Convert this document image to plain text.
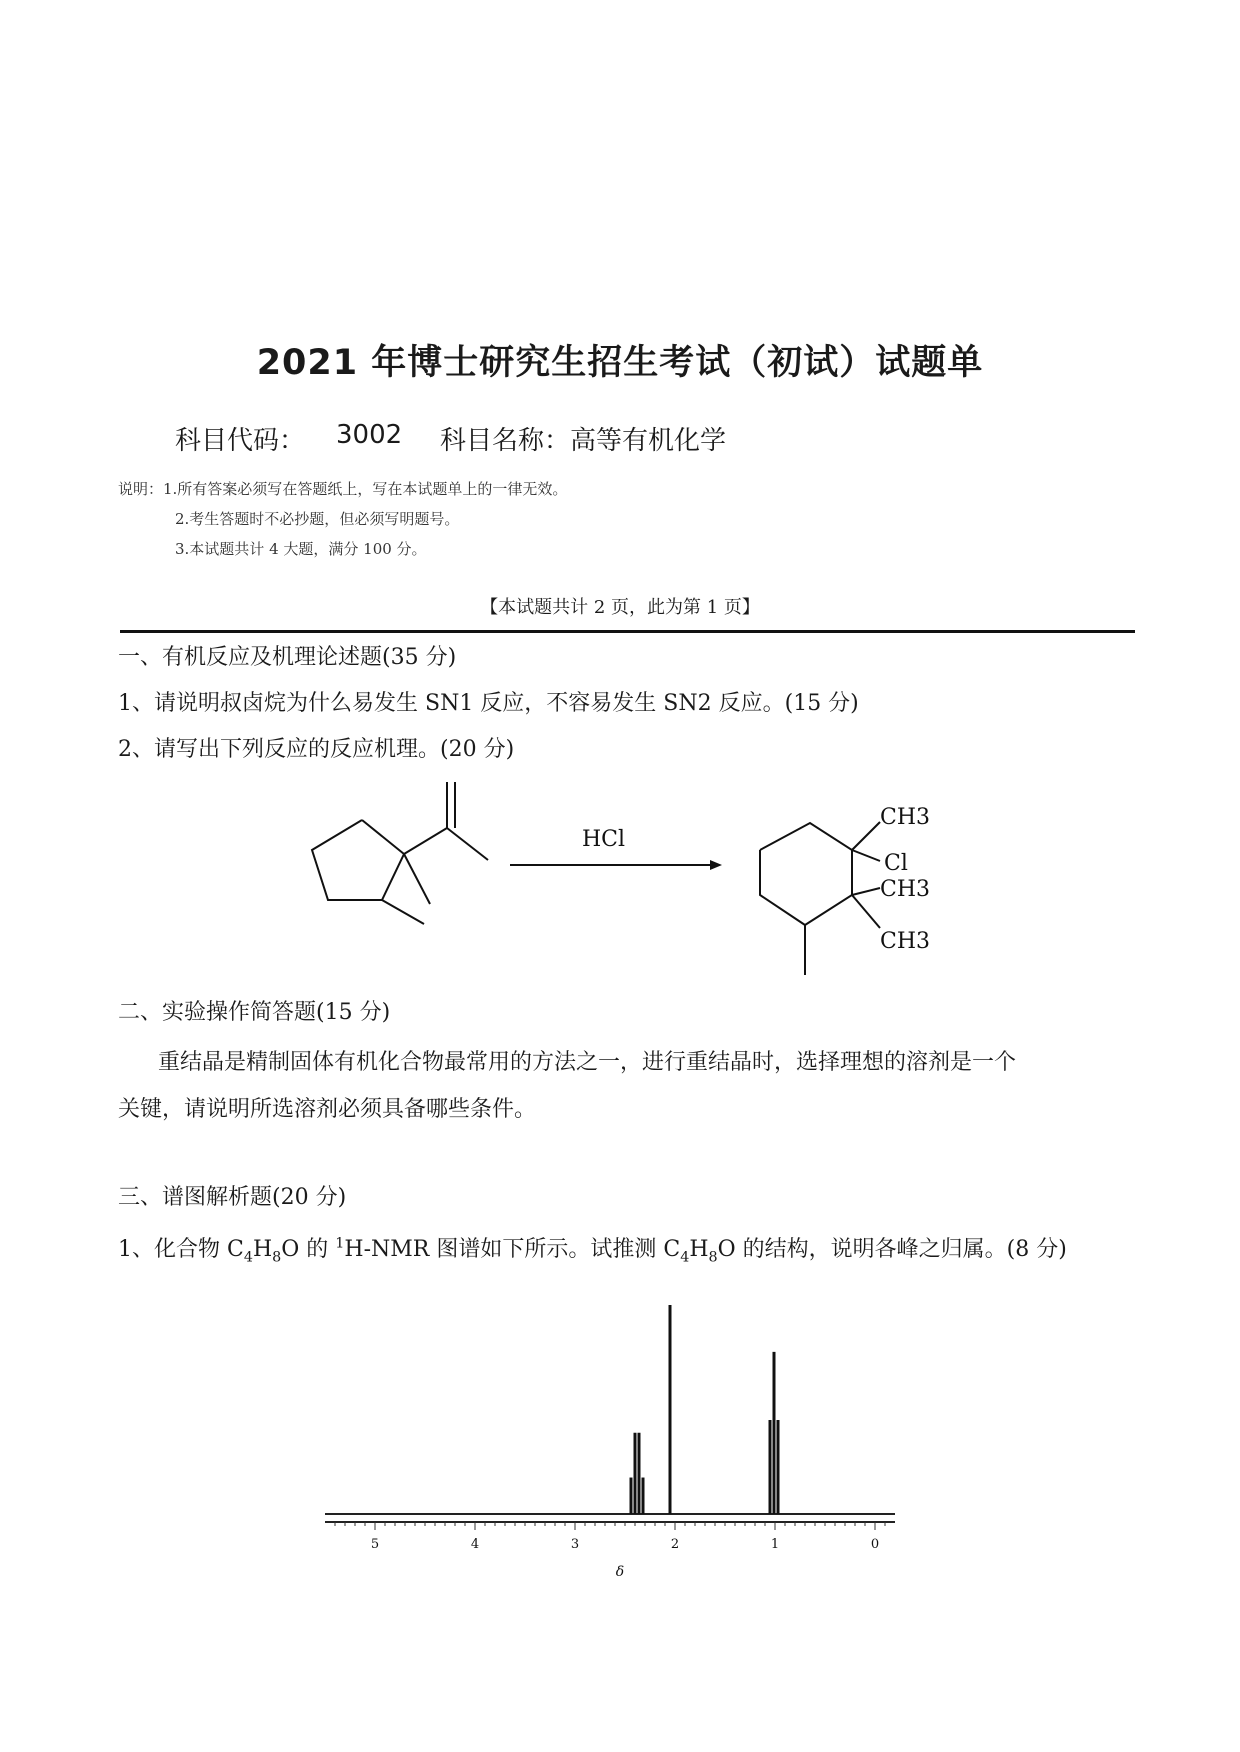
2021 年博士研究生招生考试（初试）试题单
科目代码： 3002 科目名称： 高等有机化学
说明：1.所有答案必须写在答题纸上，写在本试题单上的一律无效。
2.考生答题时不必抄题，但必须写明题号。
3.本试题共计 4 大题，满分 100 分。
【本试题共计 2 页，此为第 1 页】
一、有机反应及机理论述题(35 分)
1、请说明叔卤烷为什么易发生 SN1 反应，不容易发生 SN2 反应。(15 分)
2、请写出下列反应的反应机理。(20 分)
HCl
CH3
Cl
CH3
CH3
二、实验操作简答题(15 分)
重结晶是精制固体有机化合物最常用的方法之一，进行重结晶时，选择理想的溶剂是一个
关键，请说明所选溶剂必须具备哪些条件。
三、谱图解析题(20 分)
1、化合物 $C_4H_8O$ 的 $^1$H-NMR 图谱如下所示。试推测 $C_4H_8O$ 的结构，说明各峰之归属。(8 分)
5	4	3	2	1	0
δ
